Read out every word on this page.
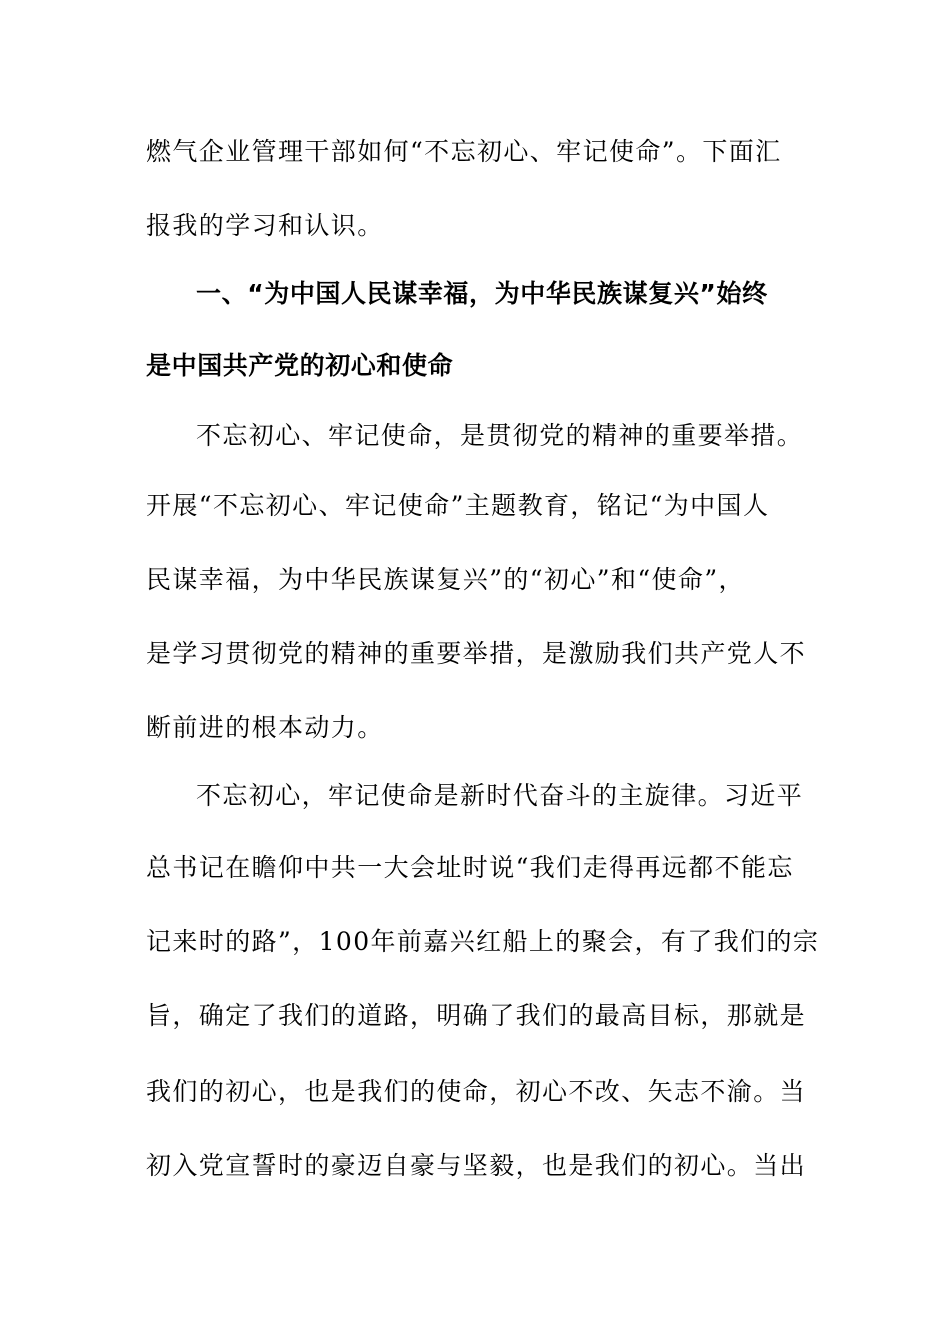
燃气企业管理干部如何“不忘初心、牢记使命”。下面汇
报我的学习和认识。
一、“为中国人民谋幸福，为中华民族谋复兴”始终
是中国共产党的初心和使命
不忘初心、牢记使命，是贯彻党的精神的重要举措。
开展“不忘初心、牢记使命”主题教育，铭记“为中国人
民谋幸福，为中华民族谋复兴”的“初心”和“使命”，
是学习贯彻党的精神的重要举措，是激励我们共产党人不
断前进的根本动力。
不忘初心，牢记使命是新时代奋斗的主旋律。习近平
总书记在瞻仰中共一大会址时说“我们走得再远都不能忘
记来时的路”，100年前嘉兴红船上的聚会，有了我们的宗
旨，确定了我们的道路，明确了我们的最高目标，那就是
我们的初心，也是我们的使命，初心不改、矢志不渝。当
初入党宣誓时的豪迈自豪与坚毅，也是我们的初心。当出
